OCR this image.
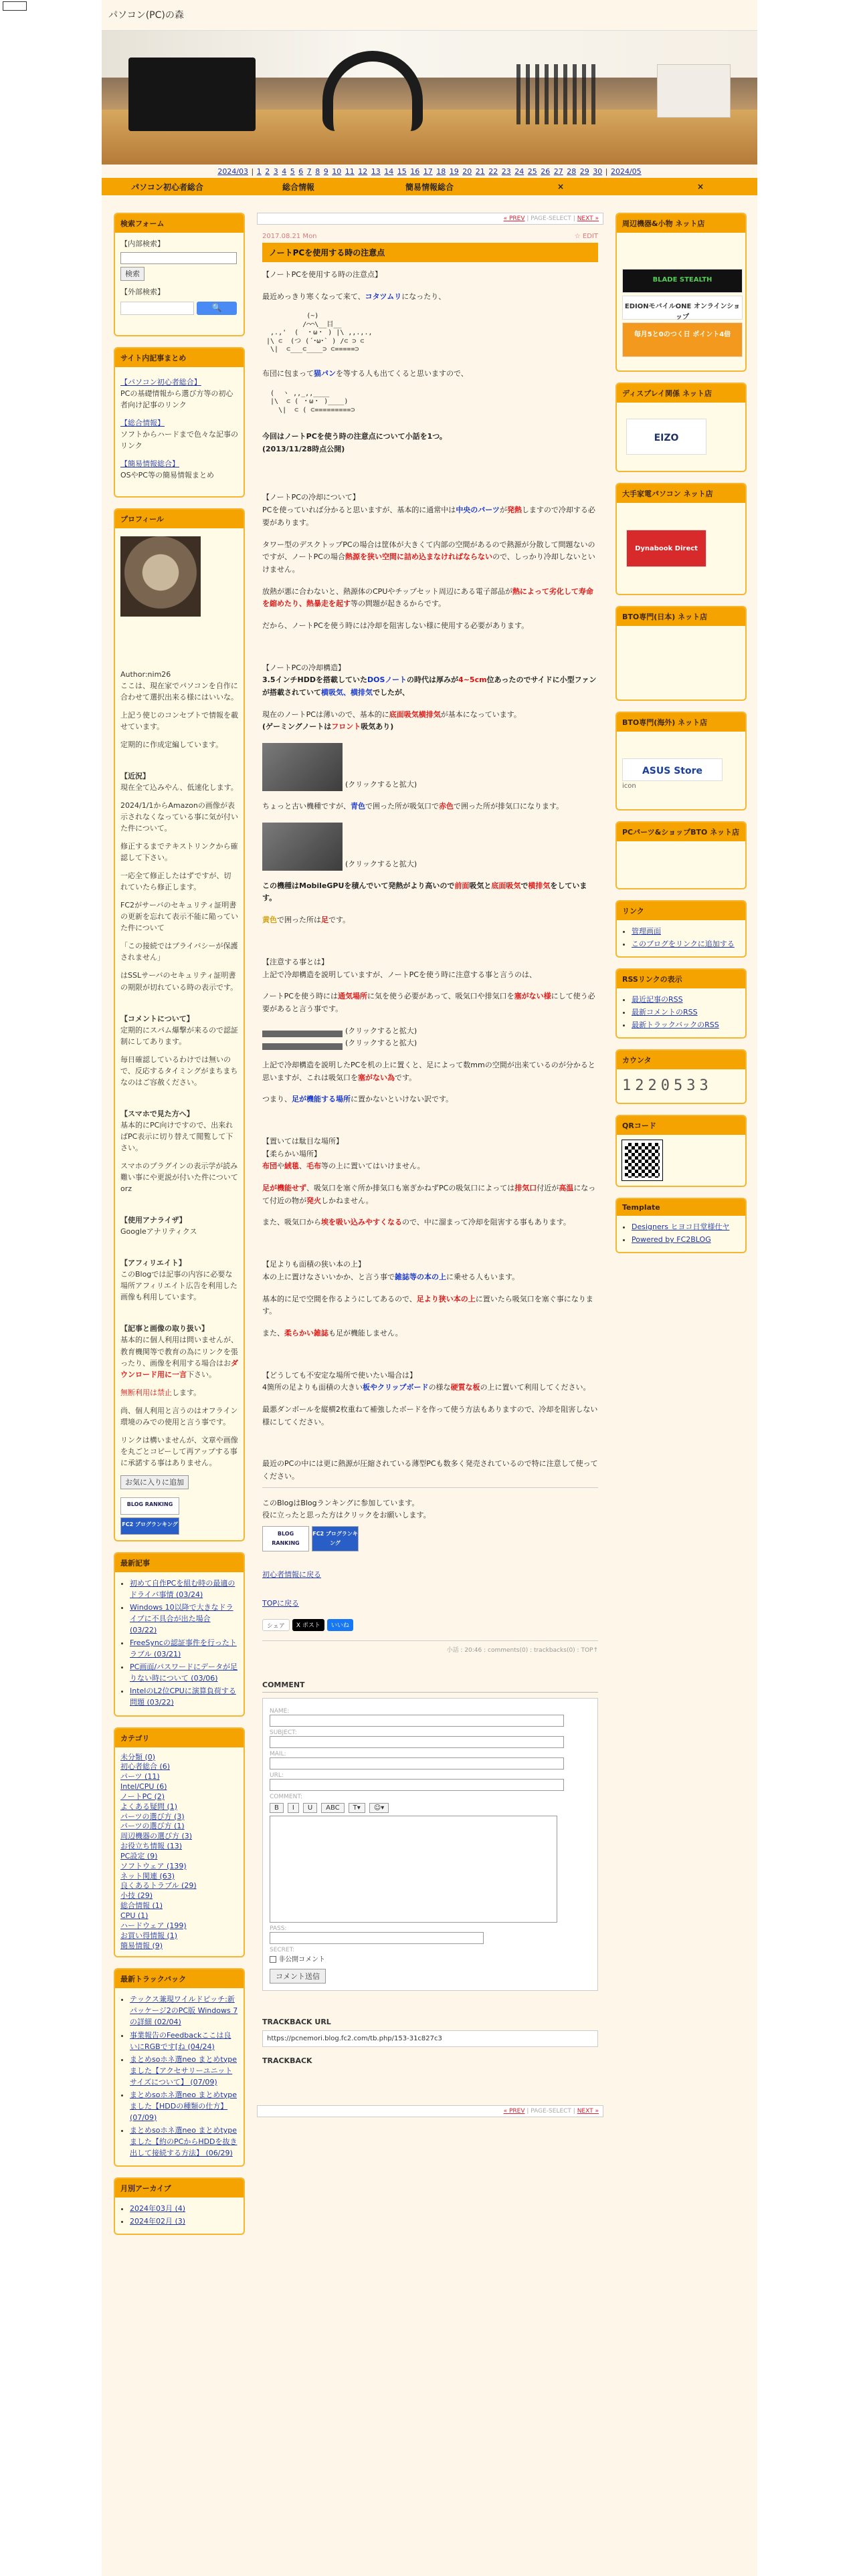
パソコン(PC)の森
2024/03 | 1 2 3 4 5 6 7 8 9 10 11 12 13 14 15 16 17 18 19 20 21 22 23 24 25 26 27 28 29 30 | 2024/05
パソコン初心者総合	総合情報	簡易情報総合	×	×
検索フォーム
【内部検索】
検索
【外部検索】
🔍
サイト内記事まとめ
【パソコン初心者総合】
PCの基礎情報から選び方等の初心者向け記事のリンク
【総合情報】
ソフトからハードまで色々な記事のリンク
【簡易情報総合】
OSやPC等の簡易情報まとめ
プロフィール
Author:nim26
ここは、現在家でパソコンを自作に合わせて選択出来る様にはいいな。
上記う使じのコンセプトで情報を載せています。
定期的に作成定編しています。
【近況】
現在全て込みやん、低速化します。
2024/1/1からAmazonの画像が表示されなくなっている事に気が付いた件について。
修正するまでテキストリンクから確認して下さい。
一応全て修正したはずですが、切れていたら修正します。
FC2がサーバのセキュリティ証明書の更新を忘れて表示不能に陥っていた件について
「この接続ではプライバシーが保護されません」
はSSLサーバのセキュリティ証明書の期限が切れている時の表示です。
【コメントについて】
定期的にスパム爆撃が来るので認証制にしてあります。
毎日確認しているわけでは無いので、反応するタイミングがまちまちなのはご容赦ください。
【スマホで見た方へ】
基本的にPC向けですので、出来ればPC表示に切り替えて閲覧して下さい。
スマホのプラグインの表示学が読み難い事にや更説が付いた件についてorz
【使用アナライザ】
Googleアナリティクス
【アフィリエイト】
このBlogでは記事の内容に必要な場所アフィリエイト広告を利用した画像も利用しています。
【記事と画像の取り扱い】
基本的に個人利用は問いませんが、教育機関等で教育の為にリンクを張ったり、画像を利用する場合はおダウンロード用に一言下さい。
無断利用は禁止します。
尚、個人利用と言うのはオフライン環境のみでの使用と言う事です。
リンクは構いませんが、文章や画像を丸ごとコピーして再アップする事に承諾する事はありません。
お気に入りに追加
BLOG RANKING
FC2 ブログランキング
最新記事
• 初めて自作PCを組む時の最適のドライバ事情 (03/24)
• Windows 10以降で大きなドライブに不具合が出た場合 (03/22)
• FreeSyncの認証事件を行ったトラブル (03/21)
• PC画面/パスワードにデータが足りない時について (03/06)
• IntelのL2位CPUに演算負荷する問題 (03/22)
カテゴリ
未分類 (0)
初心者総合 (6)
パーツ (11)
Intel/CPU (6)
ノートPC (2)
よくある疑問 (1)
パーツの選び方 (3)
パーツの選び方 (1)
周辺機器の選び方 (3)
お役立ち情報 (13)
PC設定 (9)
ソフトウェア (139)
ネット関連 (63)
良くあるトラブル (29)
小技 (29)
総合情報 (1)
CPU (1)
ハードウェア (199)
お買い得情報 (1)
簡易情報 (9)
最新トラックバック
• テックス兼現ワイルドピッチ:新パッケージ2のPC版 Windows 7の詳細 (02/04)
• 事業報告のFeedbackここは良いにRGBです[ね (04/24)
• まとめsoホネ選neo まとめtypeました【アクセサリーユニットサイズについて】 (07/09)
• まとめsoホネ選neo まとめtypeました【HDDの種類の仕方】 (07/09)
• まとめsoホネ選neo まとめtypeました【約のPCからHDDを抜き出して接続する方法】 (06/29)
月別アーカイブ
• 2024年03月 (4)
• 2024年02月 (3)
« PREV | PAGE-SELECT | NEXT »
2017.08.21 Mon	☆ EDIT
ノートPCを使用する時の注意点

【ノートPCを使用する時の注意点】

最近めっきり寒くなって来て、コタツムリになったり、

(~)
/⌒⌒\__目__
,.,'  (  ・ω・ ) |\ ,,.,.,
|\ ⊂  (つ (´･ω･` ) /⊂ ⊃ ⊂
\|  ⊂___⊂____⊃ ⊂=====⊃

布団に包まって猫パンを等する人も出てくると思いますので、

(  ヽ ,,_,,____
|\  ⊂ ( ・ω・ )____)
\|  ⊂ ( ⊂=========⊃

今回はノートPCを使う時の注意点について小話を1つ。
(2013/11/28時点公開)

【ノートPCの冷却について】

PCを使っていれば分かると思いますが、基本的に通常中は中央のパーツが発熱しますので冷却する必要があります。

タワー型のデスクトップPCの場合は筐体が大きくて内部の空間があるので熱源が分散して問題ないのですが、ノートPCの場合熱源を狭い空間に詰め込まなければならないので、しっかり冷却しないといけません。

放熱が悪に合わないと、熱源体のCPUやチップセット周辺にある電子部品が熱によって劣化して寿命を縮めたり、熱暴走を起す等の問題が起きるからです。

だから、ノートPCを使う時には冷却を阻害しない様に使用する必要があります。

【ノートPCの冷却構造】

3.5インチHDDを搭載していたDOSノートの時代は厚みが4~5cm位あったのでサイドに小型ファンが搭載されていて横吸気、横排気でしたが、

現在のノートPCは薄いので、基本的に底面吸気横排気が基本になっています。
(ゲーミングノートはフロント吸気あり)

(クリックすると拡大)

ちょっと古い機種ですが、青色で囲った所が吸気口で赤色で囲った所が排気口になります。

(クリックすると拡大)

この機種はMobileGPUを積んでいて発熱がより高いので前面吸気と底面吸気で横排気をしています。

黄色で囲った所は足です。

【注意する事とは】

上記で冷却構造を説明していますが、ノートPCを使う時に注意する事と言うのは、

ノートPCを使う時には通気場所に気を使う必要があって、吸気口や排気口を塞がない様にして使う必要があると言う事です。

(クリックすると拡大)
(クリックすると拡大)

上記で冷却構造を説明したPCを机の上に置くと、足によって数mmの空間が出来ているのが分かると思いますが、これは吸気口を塞がない為です。

つまり、足が機能する場所に置かないといけない訳です。

【置いては駄目な場所】
【柔らかい場所】

布団や絨毯、毛布等の上に置いてはいけません。

足が機能せず、吸気口を塞ぐ所か排気口も塞ぎかねずPCの吸気口によっては排気口付近が高温になって付近の物が発火しかねません。

また、吸気口から埃を吸い込みやすくなるので、中に溜まって冷却を阻害する事もあります。

【足よりも面積の狭い本の上】

本の上に置けなさいいかか、と言う事で雑誌等の本の上に乗せる人もいます。

基本的に足で空間を作るようにしてあるので、足より狭い本の上に置いたら吸気口を塞ぐ事になります。

また、柔らかい雑誌も足が機能しません。

【どうしても不安定な場所で使いたい場合は】

4箇所の足よりも面積の大きい板やクリップボードの様な硬質な板の上に置いて利用してください。

最悪ダンボールを縦横2枚重ねて補強したボードを作って使う方法もありますので、冷却を阻害しない様にしてください。

最近のPCの中には更に熱源が圧縮されている薄型PCも数多く発売されているので特に注意して使ってください。

このBlogはBlogランキングに参加しています。
役に立ったと思った方はクリックをお願いします。

BLOG RANKING
FC2 ブログランキング

初心者情報に戻る

TOPに戻る

シェア	X ポスト	いいね
小話 : 20:46 : comments(0) : trackbacks(0) : TOP↑
COMMENT
NAME:
SUBJECT:
MAIL:
URL:
COMMENT:
B	I	U	ABC	T▾	☺▾
PASS:
SECRET:
非公開コメント
コメント送信
TRACKBACK URL
https://pcnemori.blog.fc2.com/tb.php/153-31c827c3
TRACKBACK
« PREV | PAGE-SELECT | NEXT »
周辺機器&小物 ネット店
BLADE STEALTH
EDIONモバイルONE オンラインショップ
毎月5と0のつく日 ポイント4倍
ディスプレイ関係 ネット店
EIZO
大手家電パソコン ネット店
Dynabook Direct
BTO専門(日本) ネット店
BTO専門(海外) ネット店
ASUS Store
icon
PCパーツ&ショップBTO ネット店
リンク
• 管理画面
• このブログをリンクに追加する
RSSリンクの表示
• 最近記事のRSS
• 最新コメントのRSS
• 最新トラックバックのRSS
カウンタ
1220533
QRコード
Template
• Designers ヒヨコ日堂様仕ヤ
• Powered by FC2BLOG
